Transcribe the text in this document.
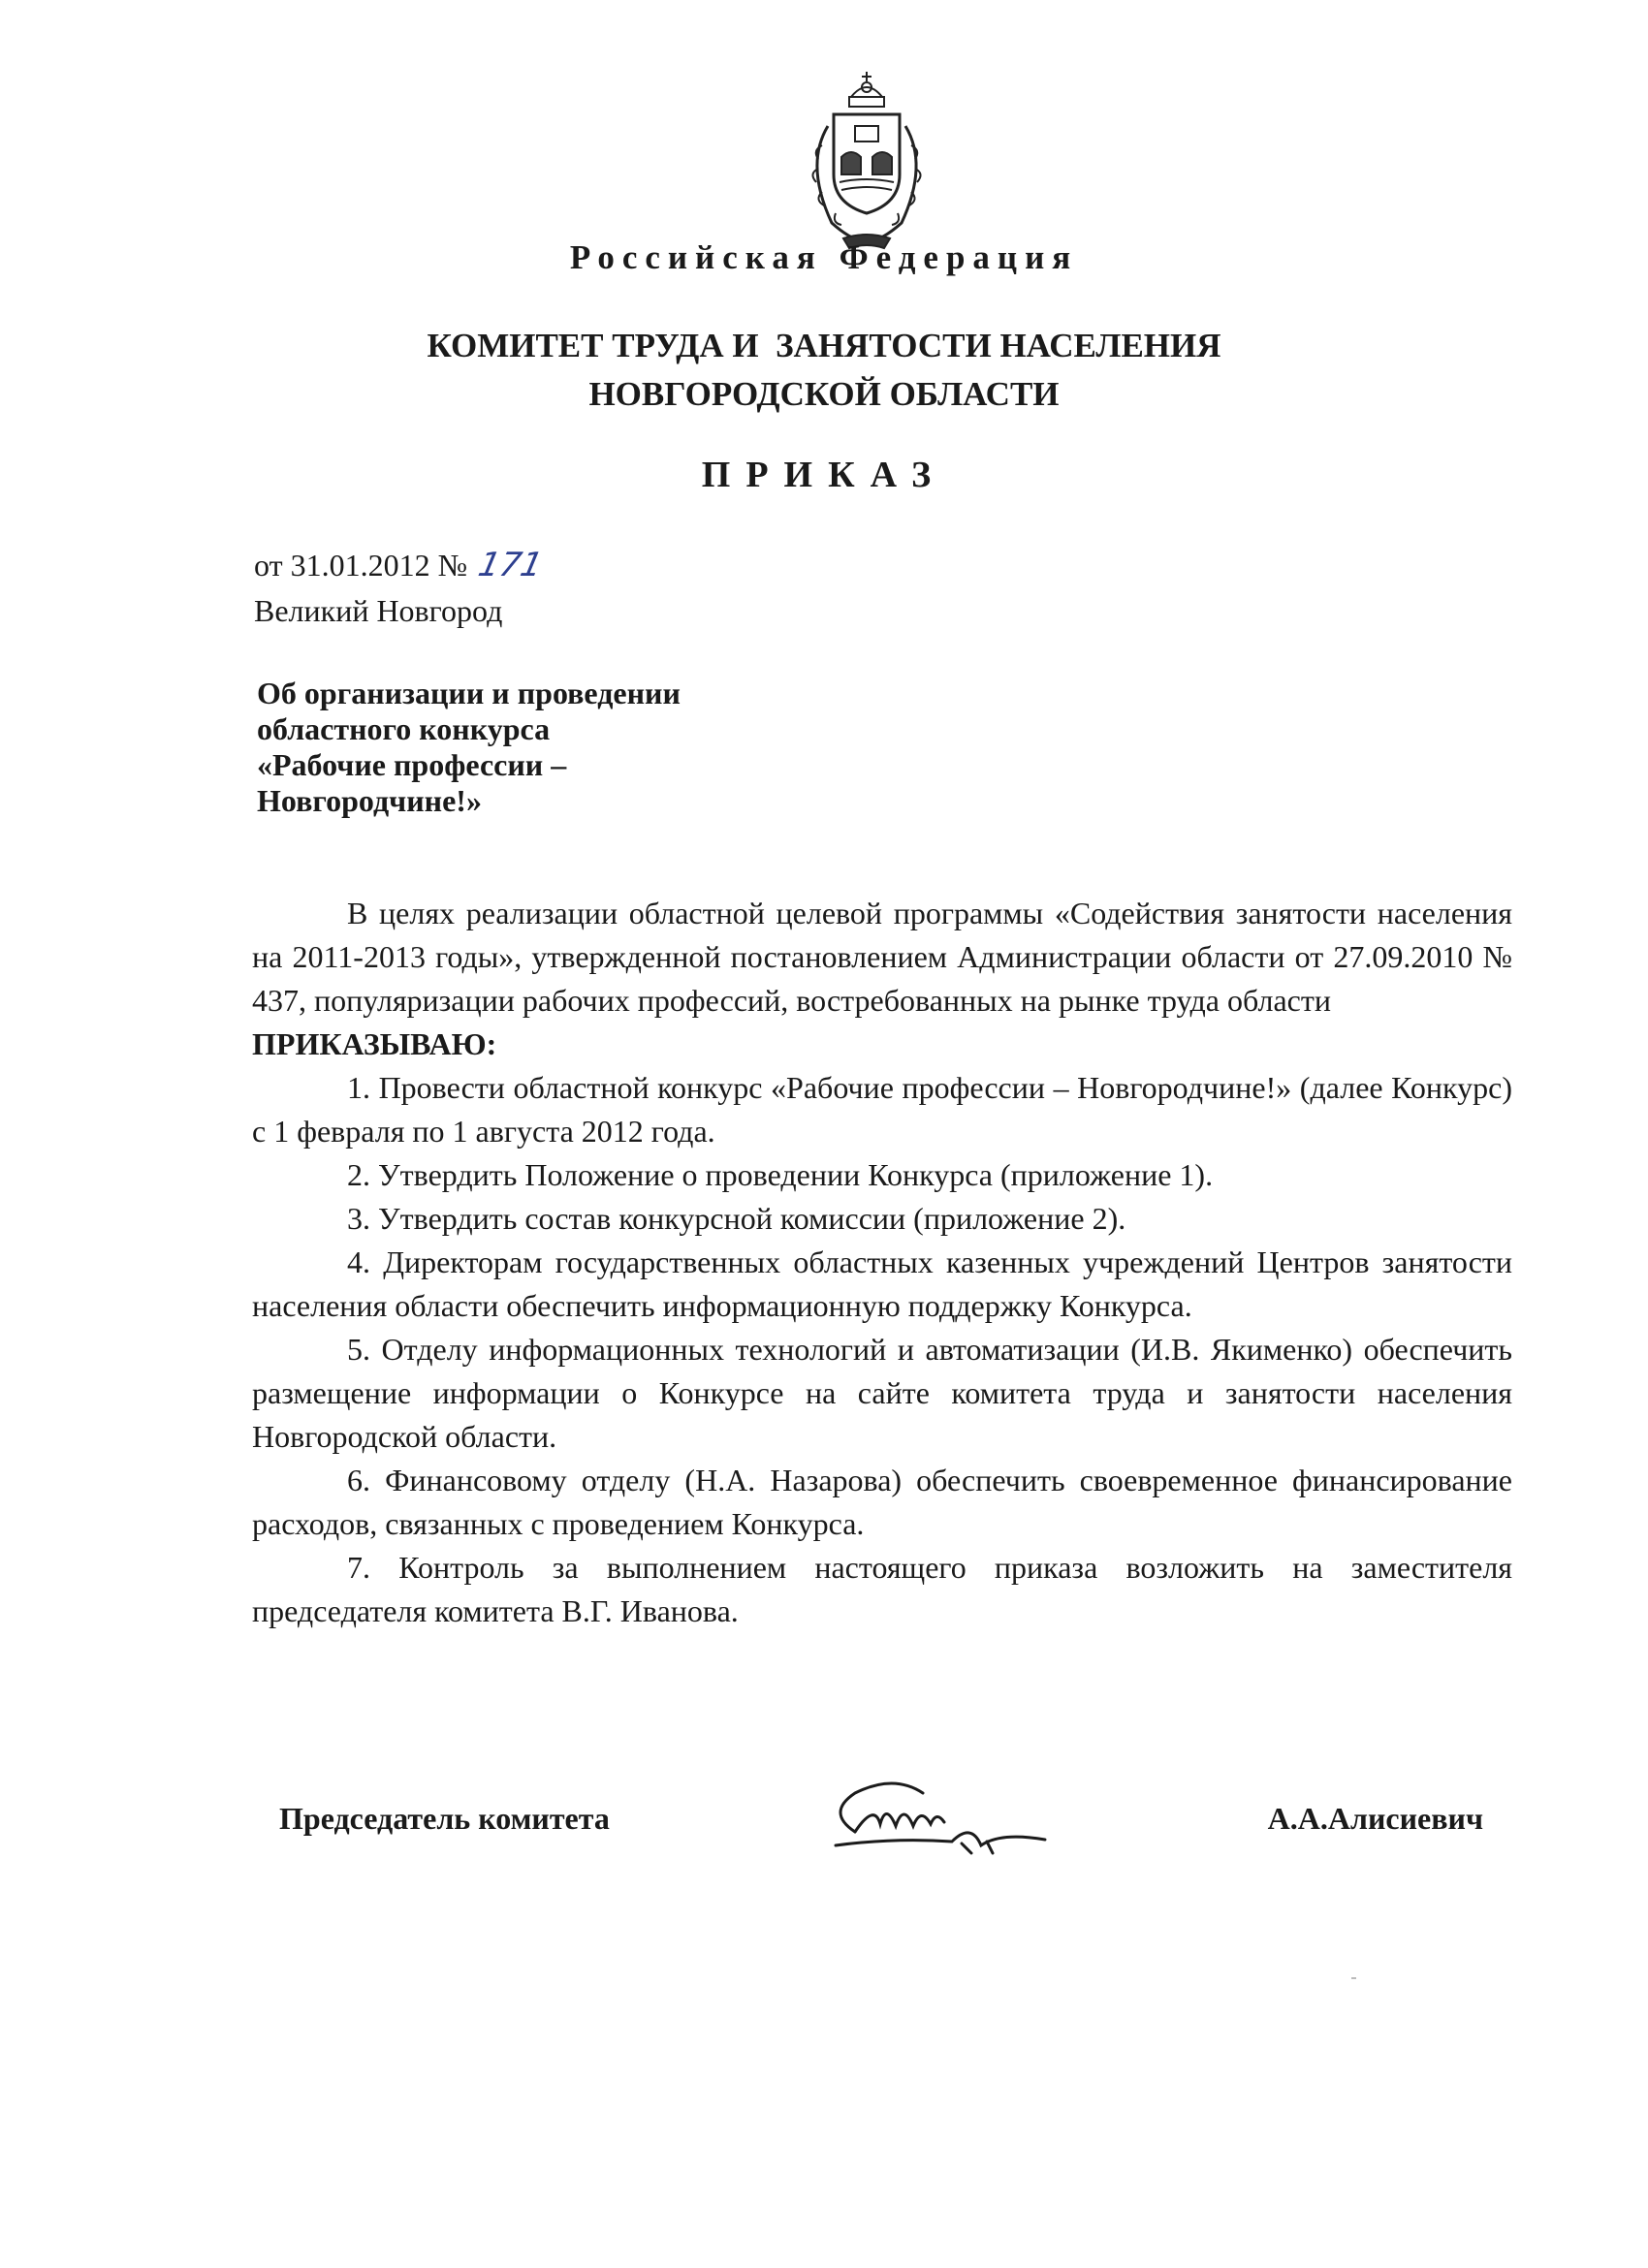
Российская Федерация
КОМИТЕТ ТРУДА И  ЗАНЯТОСТИ НАСЕЛЕНИЯ
НОВГОРОДСКОЙ ОБЛАСТИ
ПРИКАЗ
от 31.01.2012 № 171
Великий Новгород
Об организации и проведении
областного конкурса
«Рабочие профессии –
Новгородчине!»

В целях реализации областной целевой программы «Содействия занятости населения на 2011-2013 годы», утвержденной постановлением Администрации области от 27.09.2010 № 437, популяризации рабочих профессий, востребованных на рынке труда области

ПРИКАЗЫВАЮ:

1. Провести областной конкурс «Рабочие профессии – Новгородчине!» (далее Конкурс) с 1 февраля по 1 августа 2012 года.

2. Утвердить Положение о проведении Конкурса (приложение 1).

3. Утвердить состав конкурсной комиссии (приложение 2).

4. Директорам государственных областных казенных учреждений Центров занятости населения области обеспечить информационную поддержку Конкурса.

5. Отделу информационных технологий и автоматизации (И.В. Якименко) обеспечить размещение информации о Конкурсе на сайте комитета труда и занятости населения Новгородской области.

6. Финансовому отделу (Н.А. Назарова) обеспечить своевременное финансирование расходов, связанных с проведением Конкурса.

7. Контроль за выполнением настоящего приказа возложить на заместителя председателя комитета В.Г. Иванова.

Председатель комитета	А.А.Алисиевич
